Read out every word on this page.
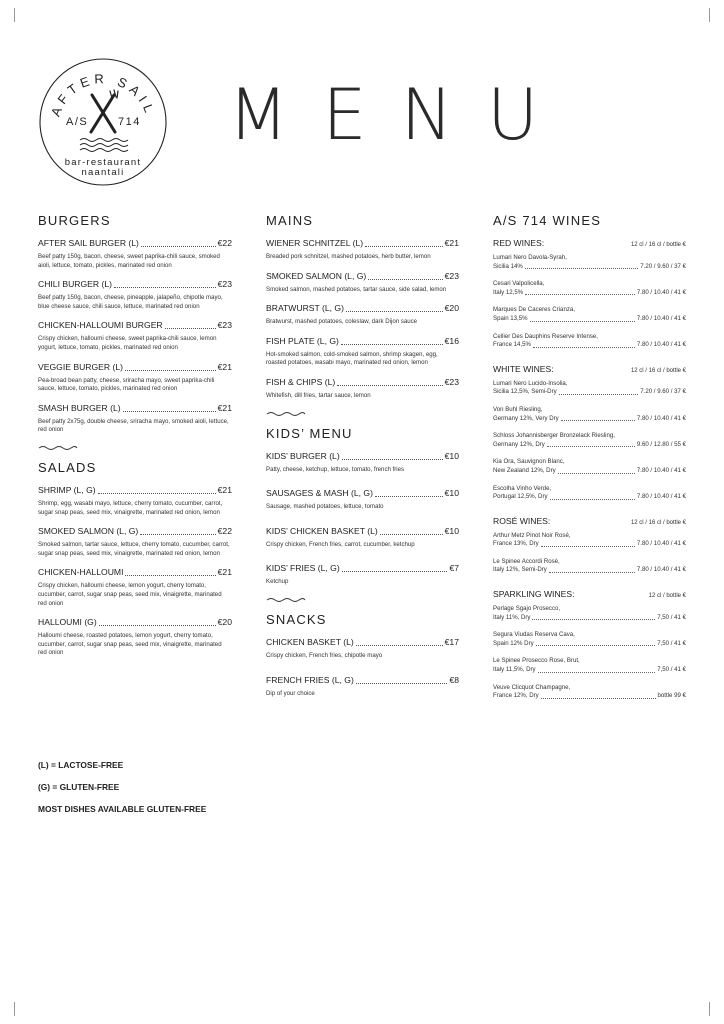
AFTER SAIL
A/S	714
bar-restaurant
naantali
MENU
BURGERS
AFTER SAIL BURGER (L)	€22
Beef patty 150g, bacon, cheese, sweet paprika-chili sauce, smoked aioli, lettuce, tomato, pickles, marinated red onion
CHILI BURGER (L)	€23
Beef patty 150g, bacon, cheese, pineapple, jalapeño, chipotle mayo, blue cheese sauce, chili sauce, lettuce, marinated red onion
CHICKEN-HALLOUMI BURGER	€23
Crispy chicken, halloumi cheese, sweet paprika-chili sauce, lemon yogurt, lettuce, tomato, pickles, marinated red onion
VEGGIE BURGER (L)	€21
Pea-broad bean patty, cheese, sriracha mayo, sweet paprika-chili sauce, lettuce, tomato, pickles, marinated red onion
SMASH BURGER (L)	€21
Beef patty 2x75g, double cheese, sriracha mayo, smoked aioli, lettuce, red onion
SALADS
SHRIMP (L, G)	€21
Shrimp, egg, wasabi mayo, lettuce, cherry tomato, cucumber, carrot, sugar snap peas, seed mix, vinaigrette, marinated red onion, lemon
SMOKED SALMON (L, G)	€22
Smoked salmon, tartar sauce, lettuce, cherry tomato, cucumber, carrot, sugar snap peas, seed mix, vinaigrette, marinated red onion, lemon
CHICKEN-HALLOUMI	€21
Crispy chicken, halloumi cheese, lemon yogurt, cherry tomato, cucumber, carrot, sugar snap peas, seed mix, vinaigrette, marinated red onion
HALLOUMI (G)	€20
Halloumi cheese, roasted potatoes, lemon yogurt, cherry tomato, cucumber, carrot, sugar snap peas, seed mix, vinaigrette, marinated red onion
MAINS
WIENER SCHNITZEL (L)	€21
Breaded pork schnitzel, mashed potatoes, herb butter, lemon
SMOKED SALMON (L, G)	€23
Smoked salmon, mashed potatoes, tartar sauce, side salad, lemon
BRATWURST (L, G)	€20
Bratwurst, mashed potatoes, coleslaw, dark Dijon sauce
FISH PLATE (L, G)	€16
Hot-smoked salmon, cold-smoked salmon, shrimp skagen, egg, roasted potatoes, wasabi mayo, marinated red onion, lemon
FISH & CHIPS (L)	€23
Whitefish, dill fries, tartar sauce, lemon
KIDS’ MENU
KIDS’ BURGER (L)	€10
Patty, cheese, ketchup, lettuce, tomato, french fries
SAUSAGES & MASH (L, G)	€10
Sausage, mashed potatoes, lettuce, tomato
KIDS’ CHICKEN BASKET (L)	€10
Crispy chicken, French fries, carrot, cucumber, ketchup
KIDS’ FRIES (L, G)	€7
Ketchup
SNACKS
CHICKEN BASKET (L)	€17
Crispy chicken, French fries, chipotle mayo
FRENCH FRIES (L, G)	€8
Dip of your choice
A/S 714 WINES
RED WINES:	12 cl / 16 cl / bottle €
Lumari Nero Davola-Syrah,
Sicilia 14%	7.20 / 9.60 / 37 €
Cesari Valpolicella,
Italy 12,5%	7.80 / 10.40 / 41 €
Marques De Caceres Crianza,
Spain 13,5%	7.80 / 10.40 / 41 €
Cellier Des Dauphins Reserve Intense,
France 14,5%	7.80 / 10.40 / 41 €
WHITE WINES:	12 cl / 16 cl / bottle €
Lumari Nero Lucido-Insolia,
Sicilia 12,5%, Semi-Dry	7.20 / 9.60 / 37 €
Von Buhl Riesling,
Germany 12%, Very Dry	7.80 / 10.40 / 41 €
Schloss Johannisberger Bronzelack Riesling,
Germany 12%, Dry	9.60 / 12.80 / 55 €
Kia Ora, Sauvignon Blanc,
New Zealand 12%, Dry	7.80 / 10.40 / 41 €
Escolha Vinho Verde,
Portugal 12,5%, Dry	7.80 / 10.40 / 41 €
ROSÉ WINES:	12 cl / 16 cl / bottle €
Arthur Metz Pinot Noir Rosé,
France 13%, Dry	7.80 / 10.40 / 41 €
Le Spinee Accordi Rosé,
Italy 12%, Semi-Dry	7.80 / 10.40 / 41 €
SPARKLING WINES:	12 cl / bottle €
Perlage Sgajo Prosecco,
Italy 11%, Dry	7,50 / 41 €
Segura Viudas Reserva Cava,
Spain 12% Dry	7,50 / 41 €
Le Spinee Prosecco Rose, Brut,
Italy 11,5%, Dry	7,50 / 41 €
Veuve Clicquot Champagne,
France 12%, Dry	bottle 99 €
(L) = LACTOSE-FREE
(G) = GLUTEN-FREE
MOST DISHES AVAILABLE GLUTEN-FREE
